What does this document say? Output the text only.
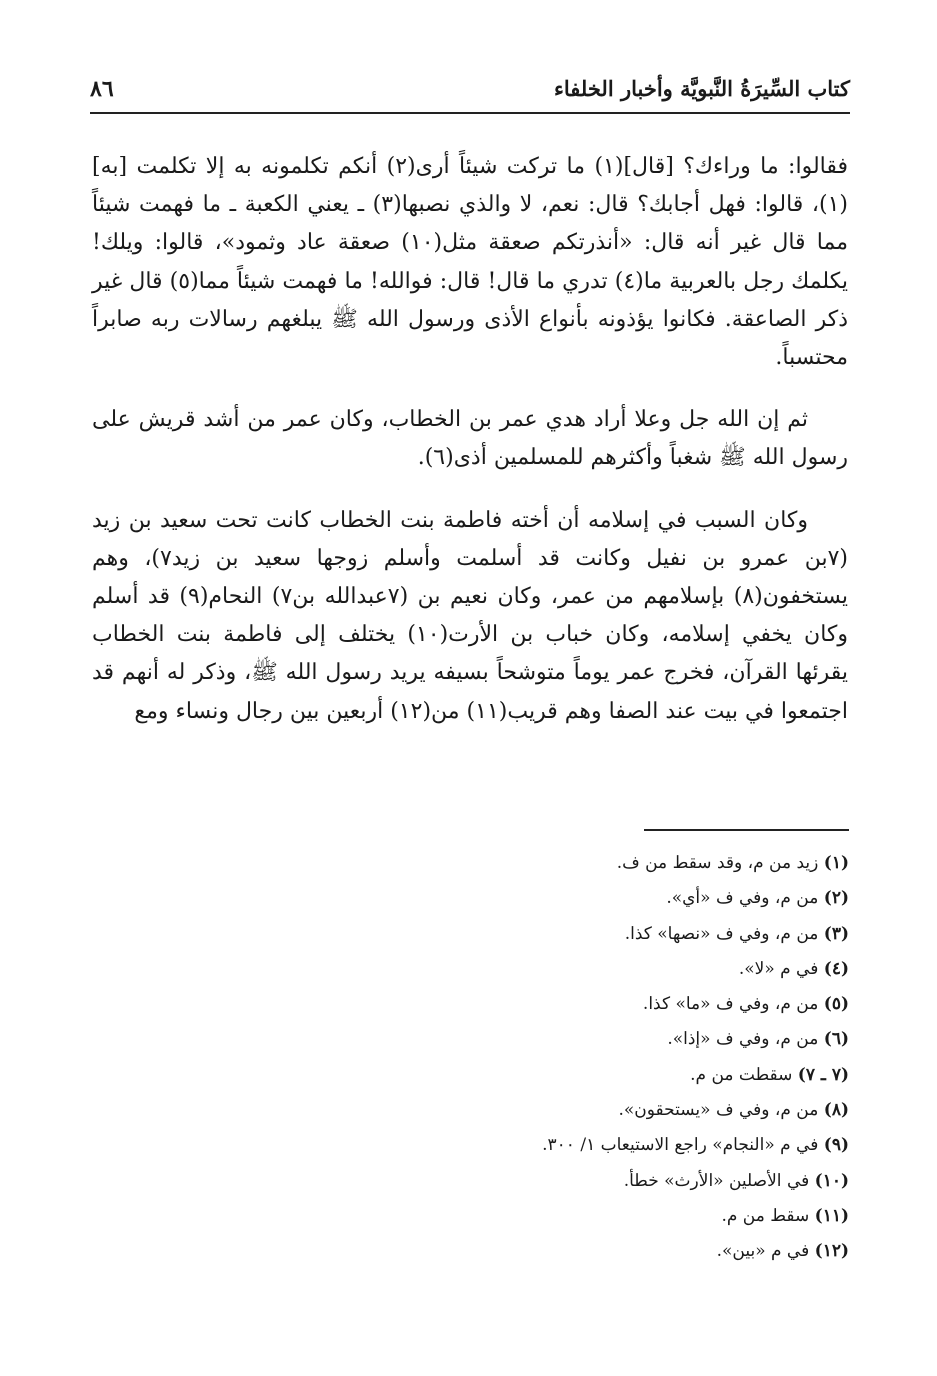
كتاب السِّيرَةُ النَّبويَّة وأخبار الخلفاء
٨٦

فقالوا: ما وراءك؟ [قال](١) ما تركت شيئاً أرى(٢) أنكم تكلمونه به إلا تكلمت [به](١)، قالوا: فهل أجابك؟ قال: نعم، لا والذي نصبها(٣) ـ يعني الكعبة ـ ما فهمت شيئاً مما قال غير أنه قال: «أنذرتكم صعقة مثل(١٠) صعقة عاد وثمود»، قالوا: ويلك! يكلمك رجل بالعربية ما(٤) تدري ما قال! قال: فوالله! ما فهمت شيئاً مما(٥) قال غير ذكر الصاعقة. فكانوا يؤذونه بأنواع الأذى ورسول الله ﷺ يبلغهم رسالات ربه صابراً محتسباً.

ثم إن الله جل وعلا أراد هدي عمر بن الخطاب، وكان عمر من أشد قريش على رسول الله ﷺ شغباً وأكثرهم للمسلمين أذى(٦).

وكان السبب في إسلامه أن أخته فاطمة بنت الخطاب كانت تحت سعيد بن زيد (٧بن عمرو بن نفيل وكانت قد أسلمت وأسلم زوجها سعيد بن زيد٧)، وهم يستخفون(٨) بإسلامهم من عمر، وكان نعيم بن (٧عبدالله بن٧) النحام(٩) قد أسلم وكان يخفي إسلامه، وكان خباب بن الأرت(١٠) يختلف إلى فاطمة بنت الخطاب يقرئها القرآن، فخرج عمر يوماً متوشحاً بسيفه يريد رسول الله ﷺ، وذكر له أنهم قد اجتمعوا في بيت عند الصفا وهم قريب(١١) من(١٢) أربعين بين رجال ونساء ومع

(١) زيد من م، وقد سقط من ف.
(٢) من م، وفي ف «أي».
(٣) من م، وفي ف «نصها» كذا.
(٤) في م «لا».
(٥) من م، وفي ف «ما» كذا.
(٦) من م، وفي ف «إذا».
(٧ ـ ٧) سقطت من م.
(٨) من م، وفي ف «يستحقون».
(٩) في م «النجام» راجع الاستيعاب ١/ ٣٠٠.
(١٠) في الأصلين «الأرث» خطأ.
(١١) سقط من م.
(١٢) في م «بين».
